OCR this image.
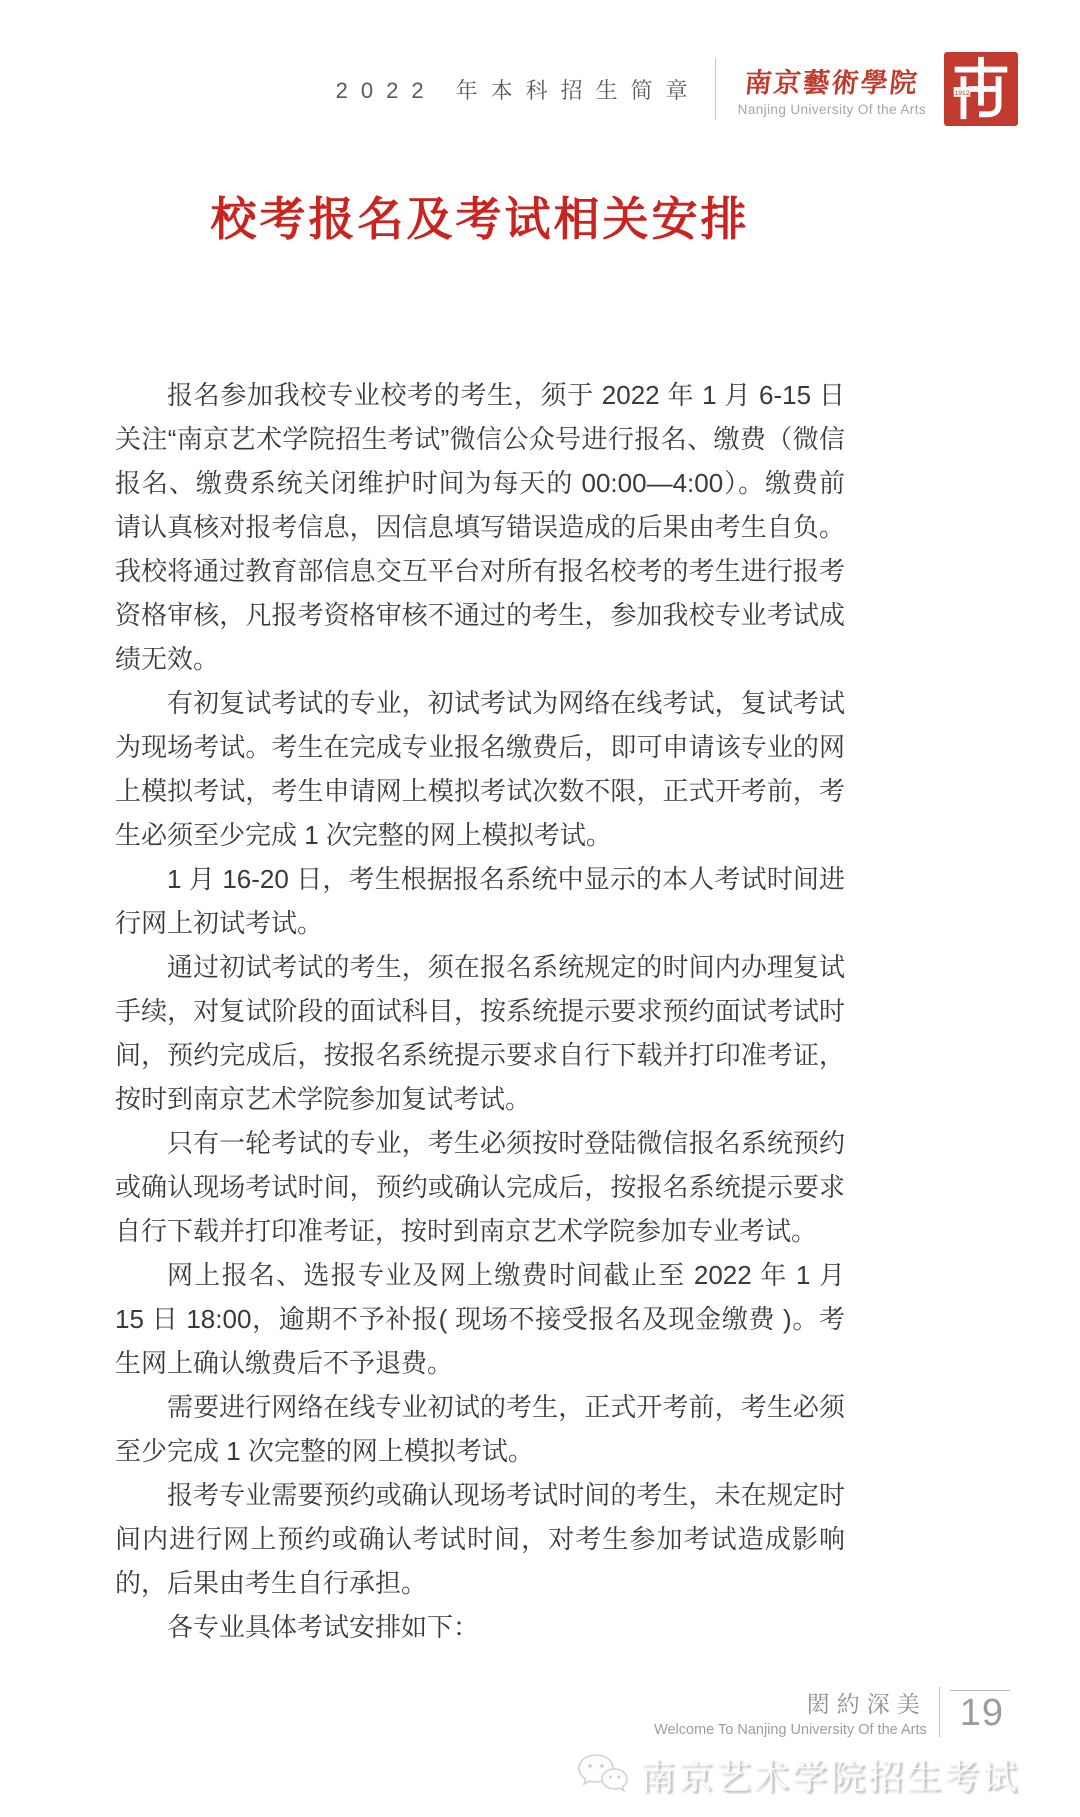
2022 年本科招生简章 南京藝術學院
Nanjing University Of the Arts
1912
校考报名及考试相关安排

报名参加我校专业校考的考生，须于 2022 年 1 月 6-15 日关注“南京艺术学院招生考试”微信公众号进行报名、缴费（微信报名、缴费系统关闭维护时间为每天的 00:00—4:00）。缴费前请认真核对报考信息，因信息填写错误造成的后果由考生自负。我校将通过教育部信息交互平台对所有报名校考的考生进行报考资格审核，凡报考资格审核不通过的考生，参加我校专业考试成绩无效。

有初复试考试的专业，初试考试为网络在线考试，复试考试为现场考试。考生在完成专业报名缴费后，即可申请该专业的网上模拟考试，考生申请网上模拟考试次数不限，正式开考前，考生必须至少完成 1 次完整的网上模拟考试。

1 月 16-20 日，考生根据报名系统中显示的本人考试时间进行网上初试考试。

通过初试考试的考生，须在报名系统规定的时间内办理复试手续，对复试阶段的面试科目，按系统提示要求预约面试考试时间，预约完成后，按报名系统提示要求自行下载并打印准考证，按时到南京艺术学院参加复试考试。

只有一轮考试的专业，考生必须按时登陆微信报名系统预约或确认现场考试时间，预约或确认完成后，按报名系统提示要求自行下载并打印准考证，按时到南京艺术学院参加专业考试。

网上报名、选报专业及网上缴费时间截止至 2022 年 1 月 15 日 18:00，逾期不予补报( 现场不接受报名及现金缴费 )。考生网上确认缴费后不予退费。

需要进行网络在线专业初试的考生，正式开考前，考生必须至少完成 1 次完整的网上模拟考试。

报考专业需要预约或确认现场考试时间的考生，未在规定时间内进行网上预约或确认考试时间，对考生参加考试造成影响的，后果由考生自行承担。

各专业具体考试安排如下：

閎約深美
Welcome To Nanjing University Of the Arts 19
南京艺术学院招生考试
